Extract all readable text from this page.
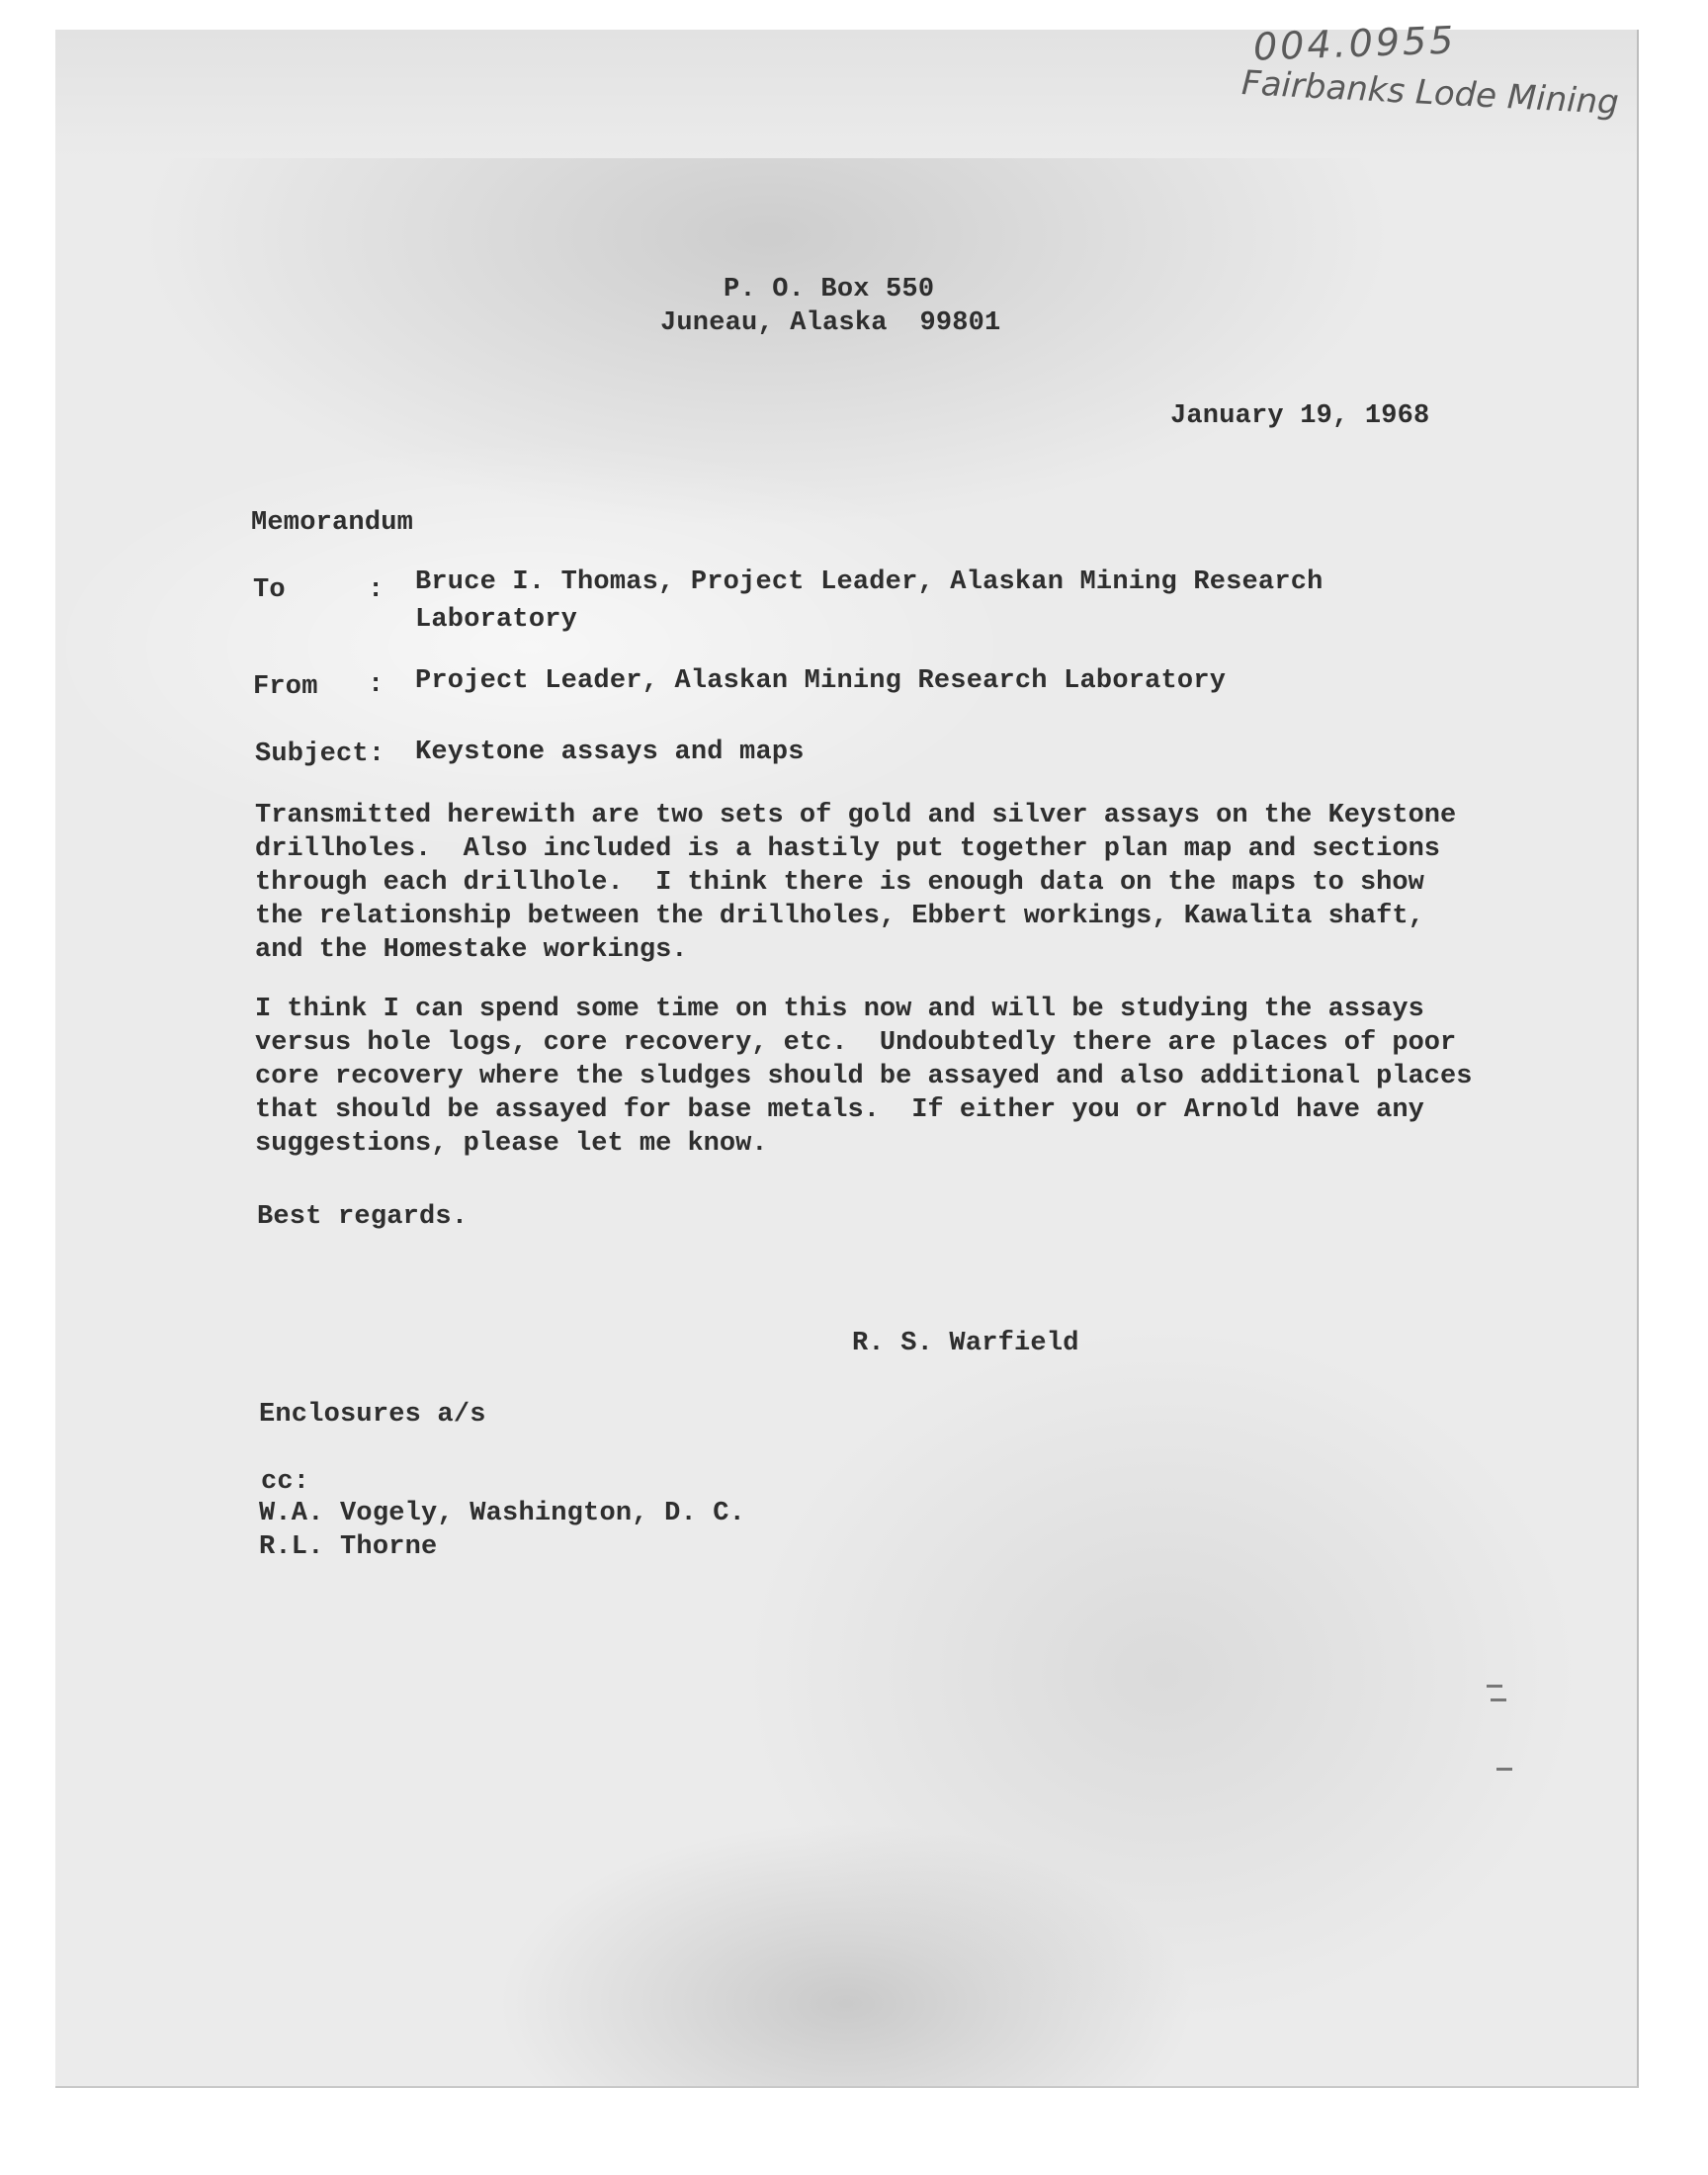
004.0955
Fairbanks Lode Mining
P. O. Box 550
Juneau, Alaska  99801
January 19, 1968
Memorandum
To	: Bruce I. Thomas, Project Leader, Alaskan Mining Research
Laboratory
From : Project Leader, Alaskan Mining Research Laboratory
Subject: Keystone assays and maps
Transmitted herewith are two sets of gold and silver assays on the Keystone
drillholes.  Also included is a hastily put together plan map and sections
through each drillhole.  I think there is enough data on the maps to show
the relationship between the drillholes, Ebbert workings, Kawalita shaft,
and the Homestake workings.
I think I can spend some time on this now and will be studying the assays
versus hole logs, core recovery, etc.  Undoubtedly there are places of poor
core recovery where the sludges should be assayed and also additional places
that should be assayed for base metals.  If either you or Arnold have any
suggestions, please let me know.
Best regards.
R. S. Warfield
Enclosures a/s
cc:
W.A. Vogely, Washington, D. C.
R.L. Thorne
